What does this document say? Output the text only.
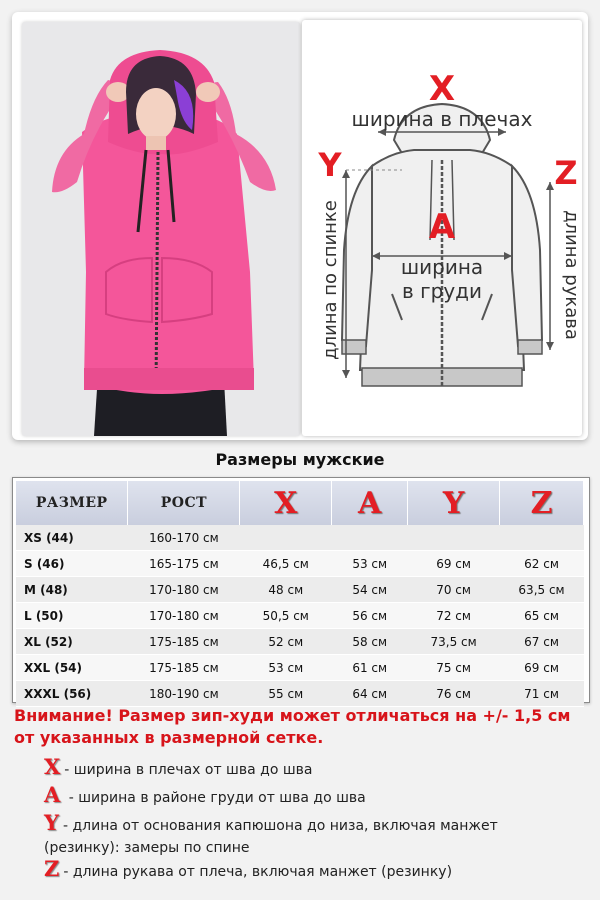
X
ширина в плечах
A
ширина
в груди
Y	Z
длина по спинке	длина рукава
Размеры мужские
РАЗМЕР	РОСТ	X	A	Y	Z
XS (44)	160-170 см				
S (46)	165-175 см	46,5 см	53 см	69 см	62 см
M (48)	170-180 см	48 см	54 см	70 см	63,5 см
L (50)	170-180 см	50,5 см	56 см	72 см	65 см
XL (52)	175-185 см	52 см	58 см	73,5 см	67 см
XXL (54)	175-185 см	53 см	61 см	75 см	69 см
XXXL (56)	180-190 см	55 см	64 см	76 см	71 см
Внимание! Размер зип-худи может отличаться на +/- 1,5 см от указанных в размерной сетке.
X - ширина в плечах от шва до шва
A - ширина в районе груди от шва до шва
Y - длина от основания капюшона до низа, включая манжет (резинку): замеры по спине
Z - длина рукава от плеча, включая манжет (резинку)
